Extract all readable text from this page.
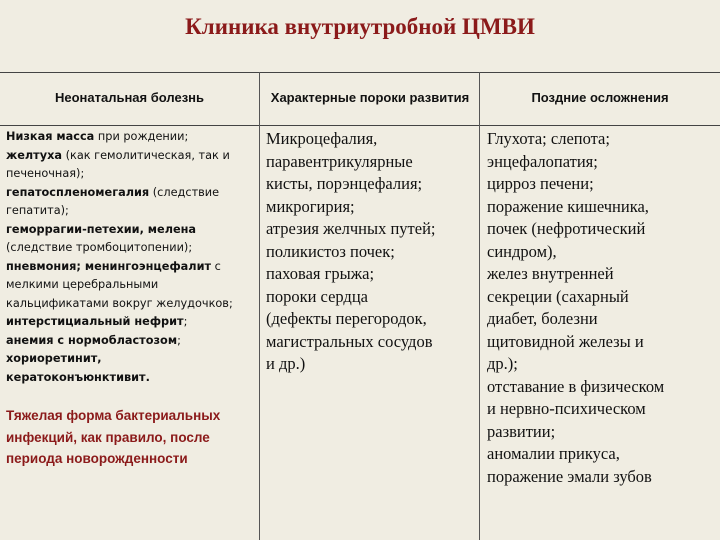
Клиника внутриутробной ЦМВИ
Неонатальная болезнь	Характерные пороки развития	Поздние осложнения
Низкая масса при рождении;
желтуха (как гемолитическая, так и печеночная);
гепатоспленомегалия (следствие гепатита);
геморрагии-петехии, мелена (следствие тромбоцитопении);
пневмония; менингоэнцефалит с мелкими церебральными кальцификатами вокруг желудочков;
интерстициальный нефрит;
анемия с нормобластозом;
хориоретинит,
кератоконъюнктивит.
Тяжелая форма бактериальных инфекций, как правило, после периода новорожденности
Микроцефалия,
паравентрикулярные
кисты, порэнцефалия;
микрогирия;
атрезия желчных путей;
поликистоз почек;
паховая грыжа;
пороки сердца
(дефекты перегородок,
магистральных сосудов
и др.)
Глухота; слепота;
энцефалопатия;
цирроз печени;
поражение кишечника,
почек (нефротический
синдром),
желез внутренней
секреции (сахарный
диабет, болезни
щитовидной железы и
др.);
отставание в физическом
и нервно-психическом
развитии;
аномалии прикуса,
поражение эмали зубов
